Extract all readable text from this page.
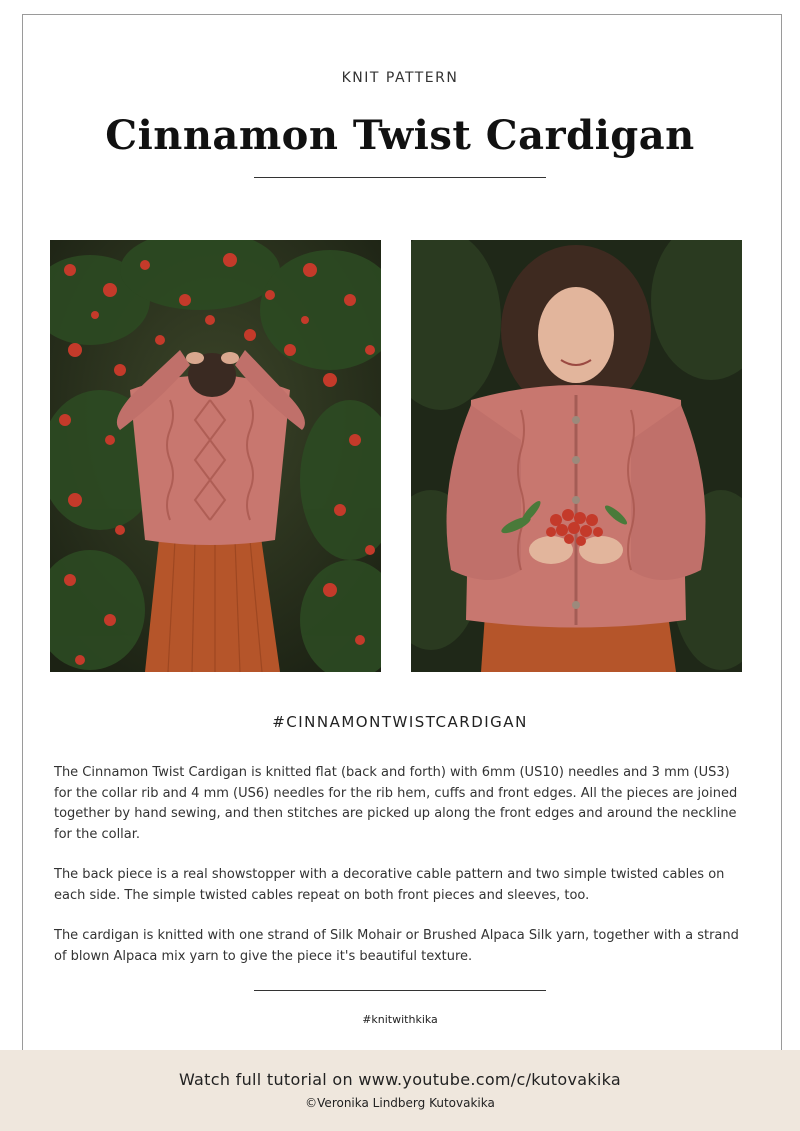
KNIT PATTERN
Cinnamon Twist Cardigan
#CINNAMONTWISTCARDIGAN

The Cinnamon Twist Cardigan is knitted flat (back and forth) with 6mm (US10) needles and 3 mm (US3) for the collar rib and 4 mm (US6) needles for the rib hem, cuffs and front edges. All the pieces are joined together by hand sewing, and then stitches are picked up along the front edges and around the neckline for the collar.

The back piece is a real showstopper with a decorative cable pattern and two simple twisted cables on each side. The simple twisted cables repeat on both front pieces and sleeves, too.

The cardigan is knitted with one strand of Silk Mohair or Brushed Alpaca Silk yarn, together with a strand of blown Alpaca mix yarn to give the piece it's beautiful texture.

#knitwithkika
Watch full tutorial on www.youtube.com/c/kutovakika
©Veronika Lindberg Kutovakika
